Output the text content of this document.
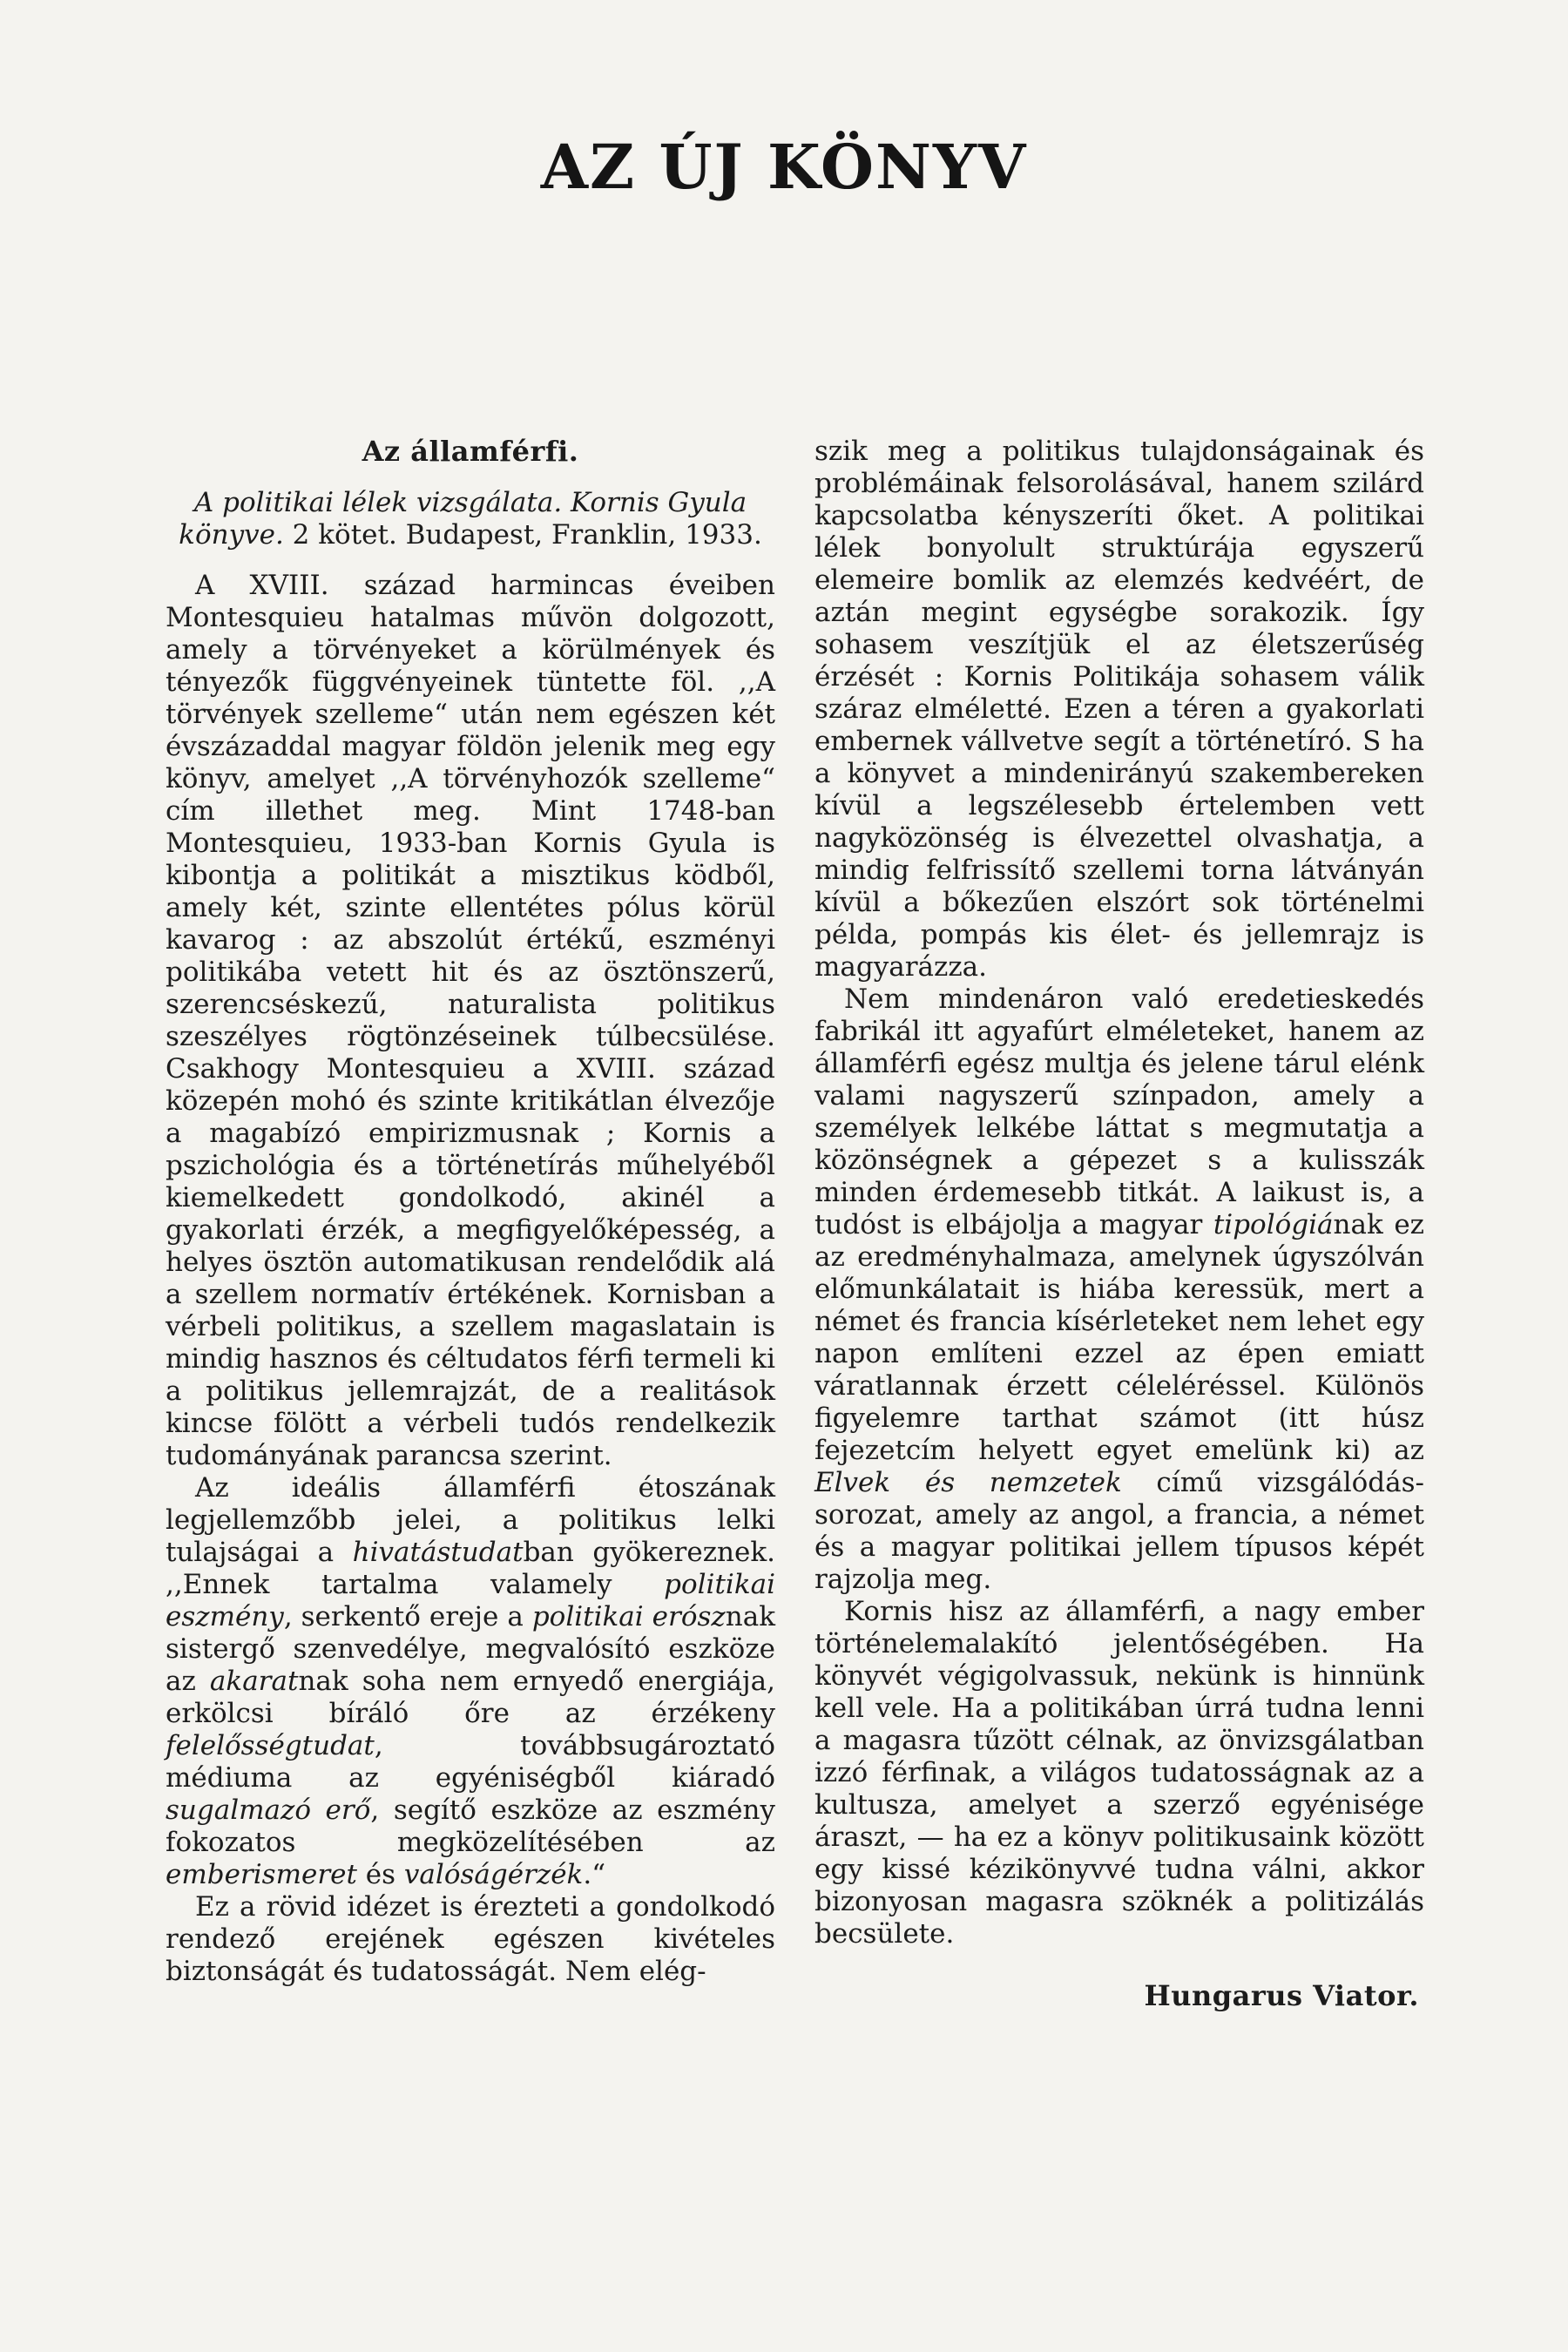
AZ ÚJ KÖNYV
Az államférfi.
A politikai lélek vizsgálata. Kornis Gyula könyve. 2 kötet. Budapest, Franklin, 1933.

A XVIII. század harmincas éveiben Montesquieu hatalmas művön dolgozott, amely a törvényeket a körülmények és tényezők függvényeinek tüntette föl. ,,A törvények szelleme“ után nem egészen két évszázaddal magyar földön jelenik meg egy könyv, amelyet ,,A törvényhozók szelleme“ cím illethet meg. Mint 1748-ban Montesquieu, 1933-ban Kornis Gyula is kibontja a politikát a misztikus ködből, amely két, szinte ellentétes pólus körül kavarog : az abszolút értékű, eszményi politikába vetett hit és az ösztönszerű, szerencséskezű, naturalista politikus szeszélyes rögtönzéseinek túlbecsülése. Csakhogy Montesquieu a XVIII. század közepén mohó és szinte kritikátlan élvezője a magabízó empirizmusnak ; Kornis a pszichológia és a történetírás műhelyéből kiemelkedett gondolkodó, akinél a gyakorlati érzék, a megfigyelőképesség, a helyes ösztön automatikusan rendelődik alá a szellem normatív értékének. Kornisban a vérbeli politikus, a szellem magaslatain is mindig hasznos és céltudatos férfi termeli ki a politikus jellemrajzát, de a realitások kincse fölött a vérbeli tudós rendelkezik tudományának parancsa szerint.

Az ideális államférfi étoszának legjellemzőbb jelei, a politikus lelki tulajságai a hivatástudatban gyökereznek. ,,Ennek tartalma valamely politikai eszmény, serkentő ereje a politikai erósznak sistergő szenvedélye, megvalósító eszköze az akaratnak soha nem ernyedő energiája, erkölcsi bíráló őre az érzékeny felelősségtudat, továbbsugároztató médiuma az egyéniségből kiáradó sugalmazó erő, segítő eszköze az eszmény fokozatos megközelítésében az emberismeret és valóságérzék.“

Ez a rövid idézet is érezteti a gondolkodó rendező erejének egészen kivételes biztonságát és tudatosságát. Nem elég-

szik meg a politikus tulajdonságainak és problémáinak felsorolásával, hanem szilárd kapcsolatba kényszeríti őket. A politikai lélek bonyolult struktúrája egyszerű elemeire bomlik az elemzés kedvéért, de aztán megint egységbe sorakozik. Így sohasem veszítjük el az életszerűség érzését : Kornis Politikája sohasem válik száraz elméletté. Ezen a téren a gyakorlati embernek vállvetve segít a történetíró. S ha a könyvet a mindenirányú szakembereken kívül a legszélesebb értelemben vett nagyközönség is élvezettel olvashatja, a mindig felfrissítő szellemi torna látványán kívül a bőkezűen elszórt sok történelmi példa, pompás kis élet- és jellemrajz is magyarázza.

Nem mindenáron való eredetieskedés fabrikál itt agyafúrt elméleteket, hanem az államférfi egész multja és jelene tárul elénk valami nagyszerű színpadon, amely a személyek lelkébe láttat s megmutatja a közönségnek a gépezet s a kulisszák minden érdemesebb titkát. A laikust is, a tudóst is elbájolja a magyar tipológiának ez az eredményhalmaza, amelynek úgyszólván előmunkálatait is hiába keressük, mert a német és francia kísérleteket nem lehet egy napon említeni ezzel az épen emiatt váratlannak érzett céleléréssel. Különös figyelemre tarthat számot (itt húsz fejezetcím helyett egyet emelünk ki) az Elvek és nemzetek című vizsgálódás-sorozat, amely az angol, a francia, a német és a magyar politikai jellem típusos képét rajzolja meg.

Kornis hisz az államférfi, a nagy ember történelemalakító jelentőségében. Ha könyvét végigolvassuk, nekünk is hinnünk kell vele. Ha a politikában úrrá tudna lenni a magasra tűzött célnak, az önvizsgálatban izzó férfinak, a világos tudatosságnak az a kultusza, amelyet a szerző egyénisége áraszt, — ha ez a könyv politikusaink között egy kissé kézikönyvvé tudna válni, akkor bizonyosan magasra szöknék a politizálás becsülete.

Hungarus Viator.
